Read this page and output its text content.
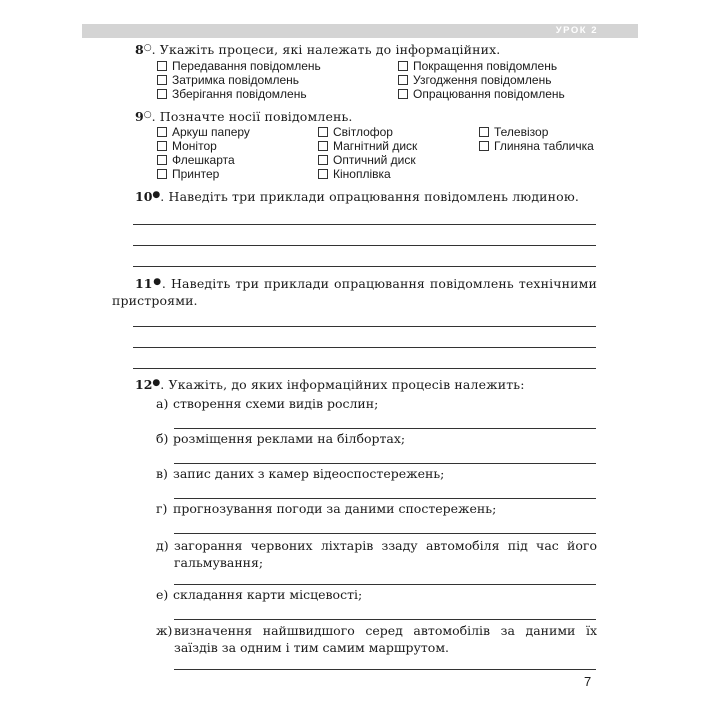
УРОК 2
8○. Укажіть процеси, які належать до інформаційних.
Передавання повідомлень
Затримка повідомлень
Зберігання повідомлень
Покращення повідомлень
Узгодження повідомлень
Опрацювання повідомлень
9○. Позначте носії повідомлень.
Аркуш паперу
Монітор
Флешкарта
Принтер
Світлофор
Магнітний диск
Оптичний диск
Кіноплівка
Телевізор
Глиняна табличка
10●. Наведіть три приклади опрацювання повідомлень людиною.
11●. Наведіть три приклади опрацювання повідомлень технічними пристроями.
12●. Укажіть, до яких інформаційних процесів належить:
а) створення схеми видів рослин;
б) розміщення реклами на білбортах;
в) запис даних з камер відеоспостережень;
г) прогнозування погоди за даними спостережень;
д) загорання червоних ліхтарів ззаду автомобіля під час його гальмування;
е) складання карти місцевості;
ж) визначення найшвидшого серед автомобілів за даними їх заїздів за одним і тим самим маршрутом.
7
